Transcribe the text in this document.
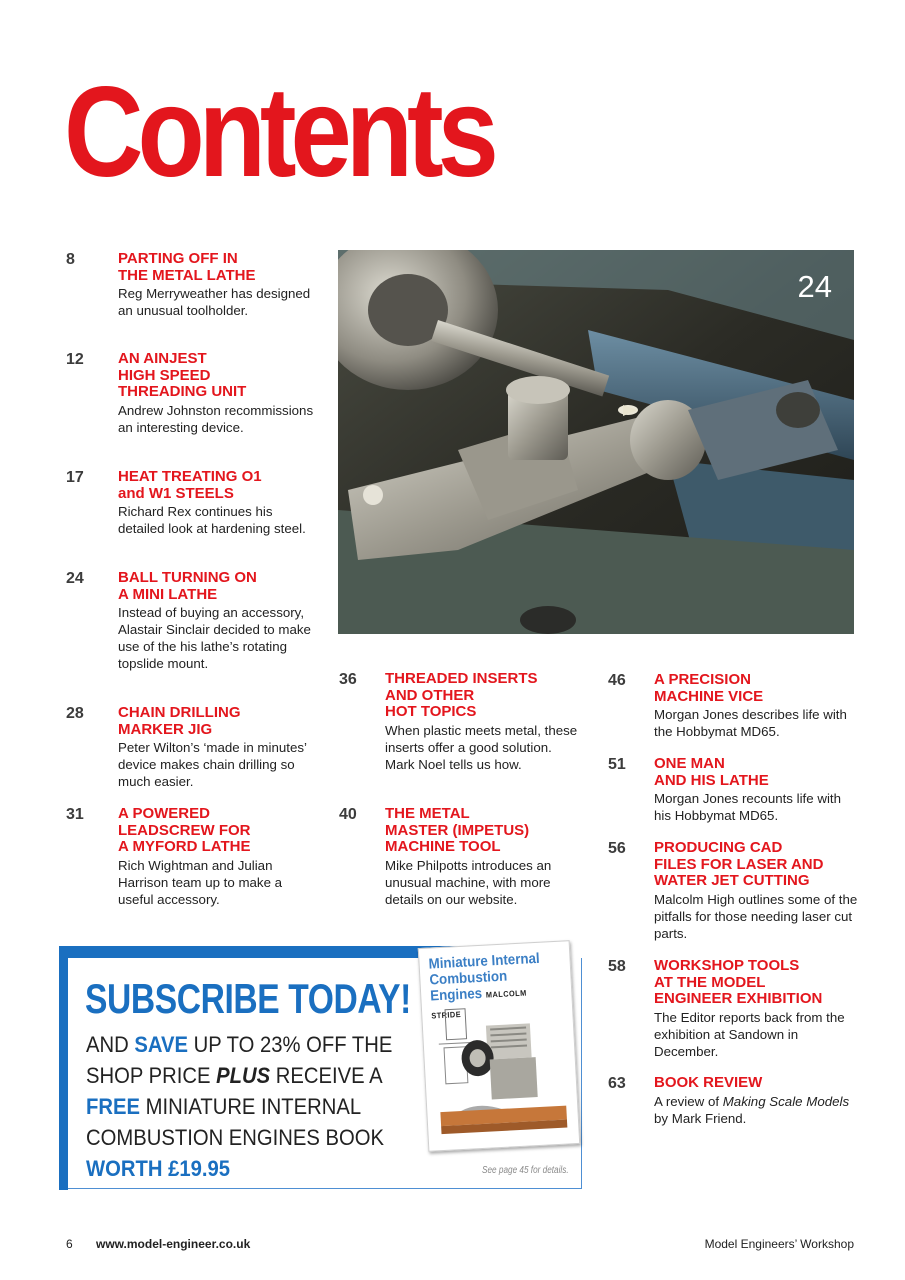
Contents
8	PARTING OFF IN
THE METAL LATHE
Reg Merryweather has designed an unusual toolholder.
12 AN AINJEST
HIGH SPEED
THREADING UNIT
Andrew Johnston recommissions an interesting device.
17 HEAT TREATING O1
and W1 STEELS
Richard Rex continues his detailed look at hardening steel.
24 BALL TURNING ON
A MINI LATHE
Instead of buying an accessory, Alastair Sinclair decided to make use of the his lathe’s rotating topslide mount.
28 CHAIN DRILLING
MARKER JIG
Peter Wilton’s ‘made in minutes’ device makes chain drilling so much easier.
31 A POWERED
LEADSCREW FOR
A MYFORD LATHE
Rich Wightman and Julian Harrison team up to make a useful accessory.
24
36 THREADED INSERTS
AND OTHER
HOT TOPICS
When plastic meets metal, these inserts offer a good solution. Mark Noel tells us how.
40 THE METAL
MASTER (IMPETUS)
MACHINE TOOL
Mike Philpotts introduces an unusual machine, with more details on our website.
46 A PRECISION
MACHINE VICE
Morgan Jones describes life with the Hobbymat MD65.
51 ONE MAN
AND HIS LATHE
Morgan Jones recounts life with his Hobbymat MD65.
56 PRODUCING CAD
FILES FOR LASER AND
WATER JET CUTTING
Malcolm High outlines some of the pitfalls for those needing laser cut parts.
58 WORKSHOP TOOLS
AT THE MODEL
ENGINEER EXHIBITION
The Editor reports back from the exhibition at Sandown in December.
63 BOOK REVIEW
A review of Making Scale Models by Mark Friend.
SUBSCRIBE TODAY!
AND SAVE UP TO 23% OFF THE SHOP PRICE PLUS RECEIVE A FREE MINIATURE INTERNAL COMBUSTION ENGINES BOOK
WORTH £19.95
Miniature Internal Combustion Engines MALCOLM STRIDE
See page 45 for details.
6 www.model-engineer.co.uk	Model Engineers’ Workshop
